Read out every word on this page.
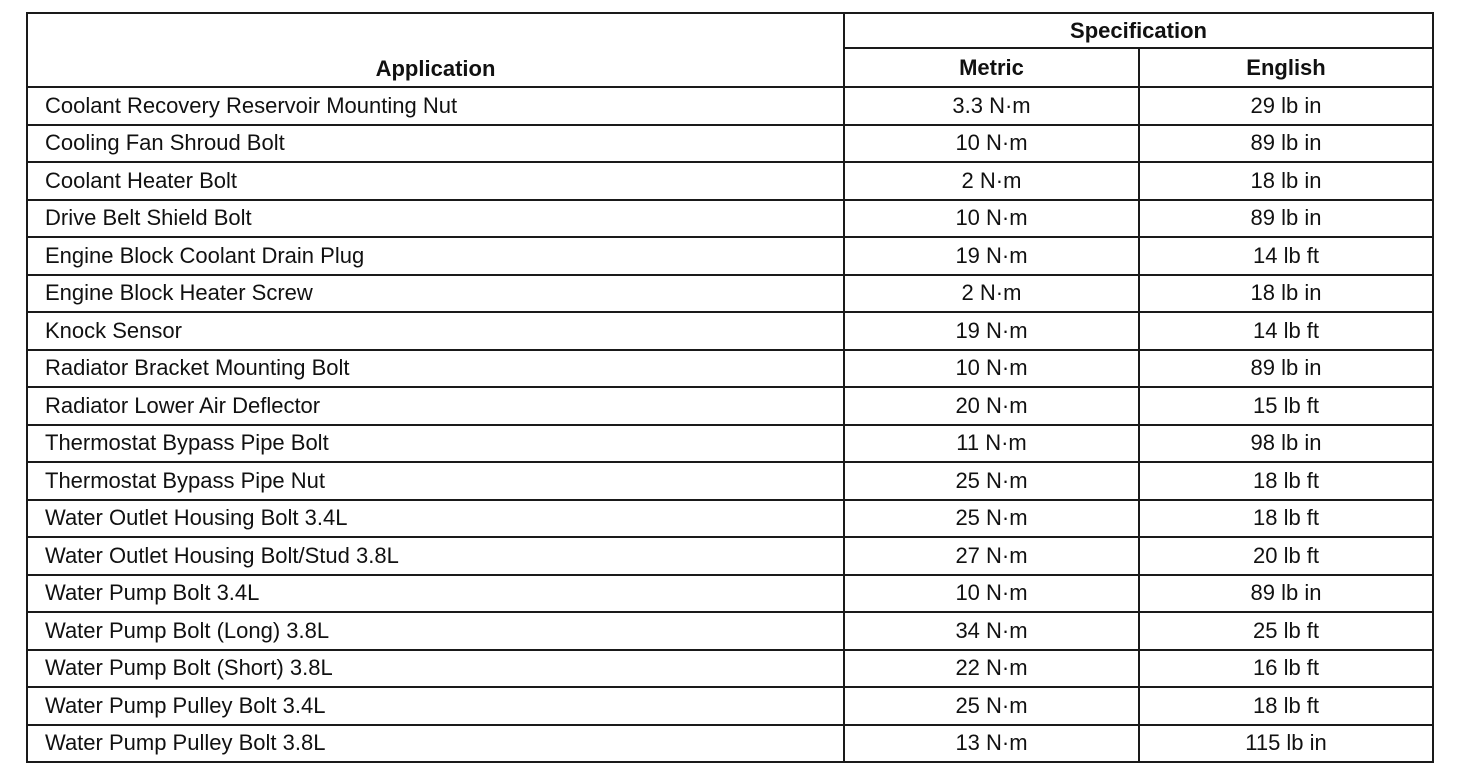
Application	Specification	
	Metric	English
Coolant Recovery Reservoir Mounting Nut	3.3 N·m	29 lb in
Cooling Fan Shroud Bolt	10 N·m	89 lb in
Coolant Heater Bolt	2 N·m	18 lb in
Drive Belt Shield Bolt	10 N·m	89 lb in
Engine Block Coolant Drain Plug	19 N·m	14 lb ft
Engine Block Heater Screw	2 N·m	18 lb in
Knock Sensor	19 N·m	14 lb ft
Radiator Bracket Mounting Bolt	10 N·m	89 lb in
Radiator Lower Air Deflector	20 N·m	15 lb ft
Thermostat Bypass Pipe Bolt	11 N·m	98 lb in
Thermostat Bypass Pipe Nut	25 N·m	18 lb ft
Water Outlet Housing Bolt 3.4L	25 N·m	18 lb ft
Water Outlet Housing Bolt/Stud 3.8L	27 N·m	20 lb ft
Water Pump Bolt 3.4L	10 N·m	89 lb in
Water Pump Bolt (Long) 3.8L	34 N·m	25 lb ft
Water Pump Bolt (Short) 3.8L	22 N·m	16 lb ft
Water Pump Pulley Bolt 3.4L	25 N·m	18 lb ft
Water Pump Pulley Bolt 3.8L	13 N·m	115 lb in
